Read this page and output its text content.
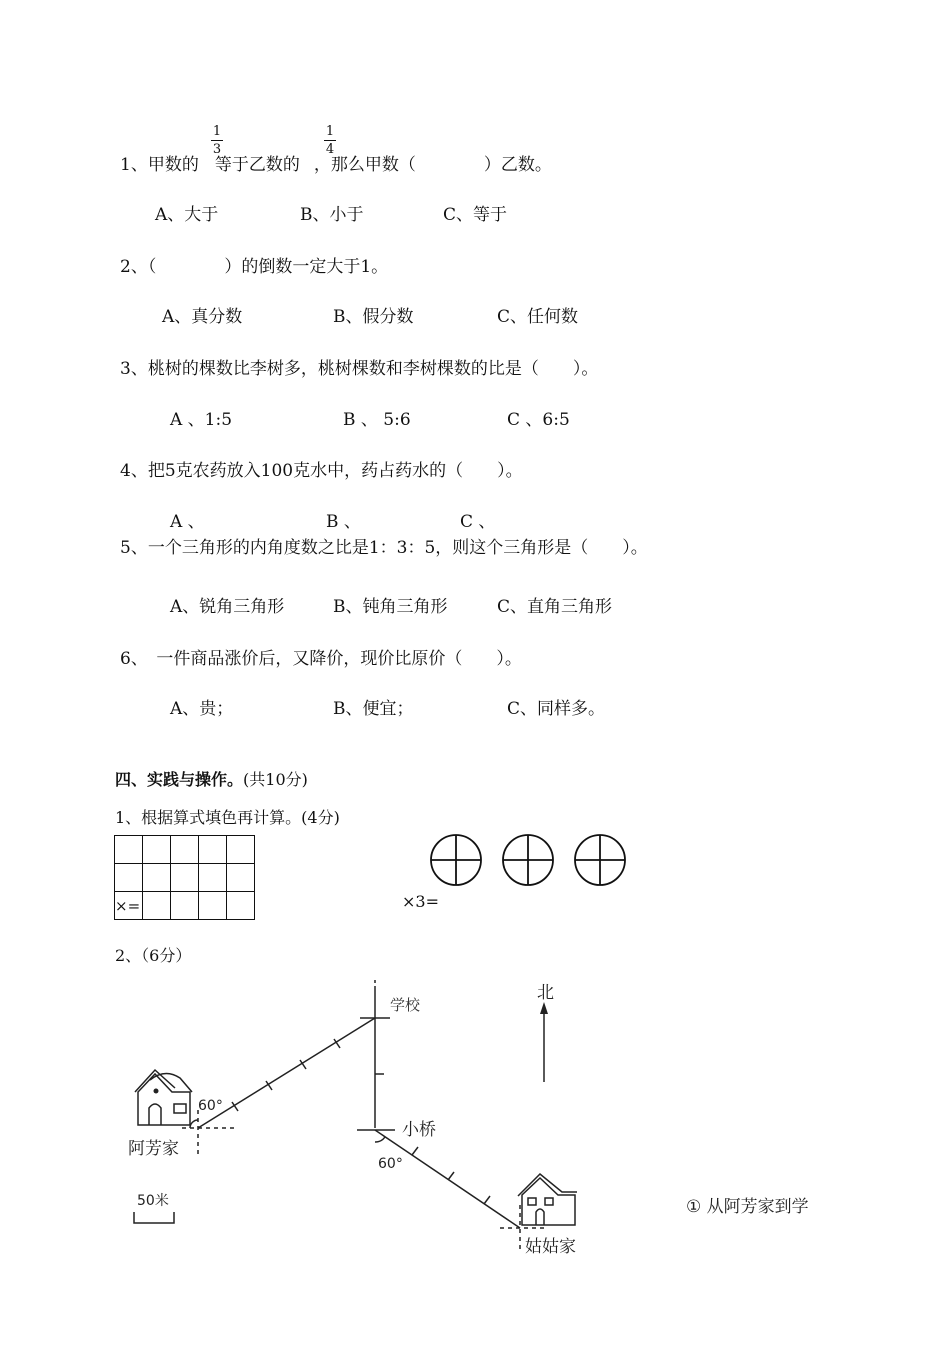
1、甲数的 等于乙数的 ，那么甲数（　　　　）乙数。
1
3
1
4
A、大于	B、小于	C、等于
2、（　　　　）的倒数一定大于1。
A、真分数	B、假分数	C、任何数
3、桃树的棵数比李树多，桃树棵数和李树棵数的比是（　　）。
A 、1:5	B 、 5:6	C 、6:5
4、把5克农药放入100克水中，药占药水的（　　）。
A 、	B 、	C 、
5、一个三角形的内角度数之比是1：3：5，则这个三角形是（　　）。
A、锐角三角形	B、钝角三角形	C、直角三角形
6、　一件商品涨价后，又降价，现价比原价（　　）。
A、贵；	B、便宜；	C、同样多。
四、实践与操作。(共10分)
1、根据算式填色再计算。(4分)

×=					×3=
2、（6分）
学校
北
小桥
阿芳家
姑姑家
60°
60°
50米	① 从阿芳家到学
